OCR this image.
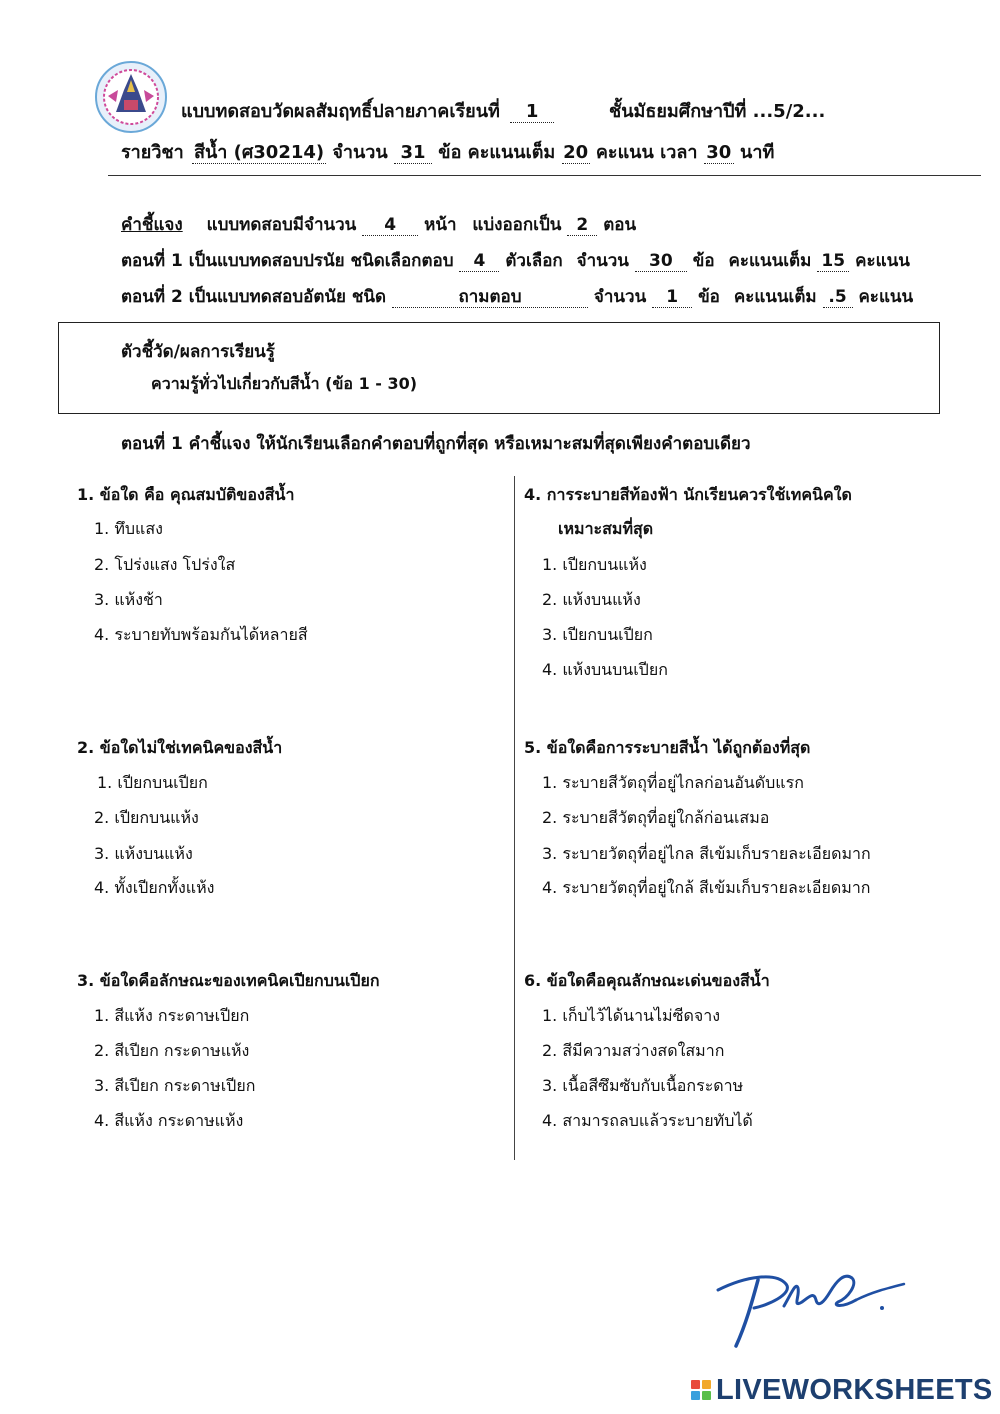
แบบทดสอบวัดผลสัมฤทธิ์ปลายภาคเรียนที่ 1	ชั้นมัธยมศึกษาปีที่ ...5/2...
รายวิชา สีน้ำ (ศ30214) จำนวน 31 ข้อ คะแนนเต็ม 20 คะแนน เวลา 30 นาที
คำชี้แจง แบบทดสอบมีจำนวน 4 หน้า แบ่งออกเป็น 2 ตอน
ตอนที่ 1 เป็นแบบทดสอบปรนัย ชนิดเลือกตอบ 4 ตัวเลือก จำนวน 30 ข้อ คะแนนเต็ม 15 คะแนน
ตอนที่ 2 เป็นแบบทดสอบอัตนัย ชนิด	ถามตอบ	จำนวน 1 ข้อ คะแนนเต็ม .5 คะแนน
ตัวชี้วัด/ผลการเรียนรู้
ความรู้ทั่วไปเกี่ยวกับสีน้ำ (ข้อ 1 - 30)
ตอนที่ 1 คำชี้แจง ให้นักเรียนเลือกคำตอบที่ถูกที่สุด หรือเหมาะสมที่สุดเพียงคำตอบเดียว
1. ข้อใด คือ คุณสมบัติของสีน้ำ
1. ทึบแสง
2. โปร่งแสง โปร่งใส
3. แห้งช้า
4. ระบายทับพร้อมกันได้หลายสี
2. ข้อใดไม่ใช่เทคนิคของสีน้ำ
1. เปียกบนเปียก
2. เปียกบนแห้ง
3. แห้งบนแห้ง
4. ทั้งเปียกทั้งแห้ง
3. ข้อใดคือลักษณะของเทคนิคเปียกบนเปียก
1. สีแห้ง กระดาษเปียก
2. สีเปียก กระดาษแห้ง
3. สีเปียก กระดาษเปียก
4. สีแห้ง กระดาษแห้ง
4. การระบายสีท้องฟ้า นักเรียนควรใช้เทคนิคใด
เหมาะสมที่สุด
1. เปียกบนแห้ง
2. แห้งบนแห้ง
3. เปียกบนเปียก
4. แห้งบนบนเปียก
5. ข้อใดคือการระบายสีน้ำ ได้ถูกต้องที่สุด
1. ระบายสีวัตถุที่อยู่ไกลก่อนอันดับแรก
2. ระบายสีวัตถุที่อยู่ใกล้ก่อนเสมอ
3. ระบายวัตถุที่อยู่ไกล สีเข้มเก็บรายละเอียดมาก
4. ระบายวัตถุที่อยู่ใกล้ สีเข้มเก็บรายละเอียดมาก
6. ข้อใดคือคุณลักษณะเด่นของสีน้ำ
1. เก็บไว้ได้นานไม่ซีดจาง
2. สีมีความสว่างสดใสมาก
3. เนื้อสีซึมซับกับเนื้อกระดาษ
4. สามารถลบแล้วระบายทับได้
LIVEWORKSHEETS
